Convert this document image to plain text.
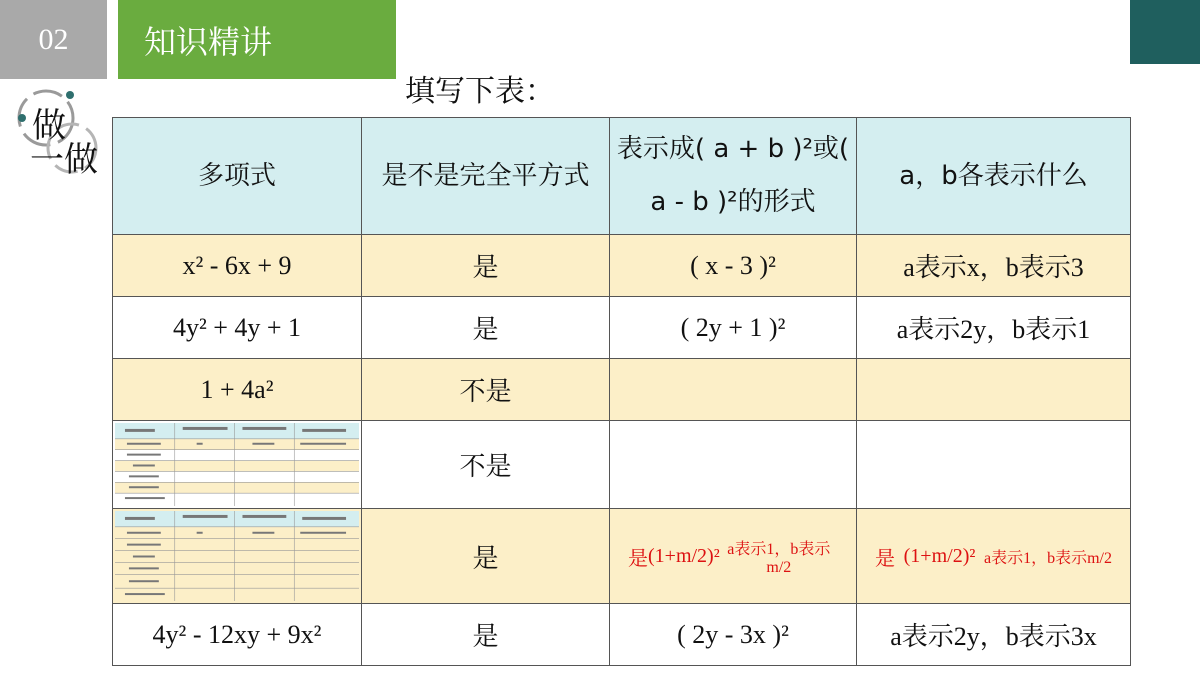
02	知识精讲
填写下表：
做
一做	多项式	是不是完全平方式	表示成( a + b )²或( a - b )²的形式	a，b各表示什么
x² - 6x + 9	是	( x - 3 )²	a表示x，b表示3
4y² + 4y + 1	是	( 2y + 1 )²	a表示2y，b表示1
1 + 4a²	不是		

	不是		

	是	是 (1+m/2)² a表示1，b表示m/2	是 (1+m/2)² a表示1，b表示m/2

4y² - 12xy + 9x²	是	( 2y - 3x )²	a表示2y，b表示3x
